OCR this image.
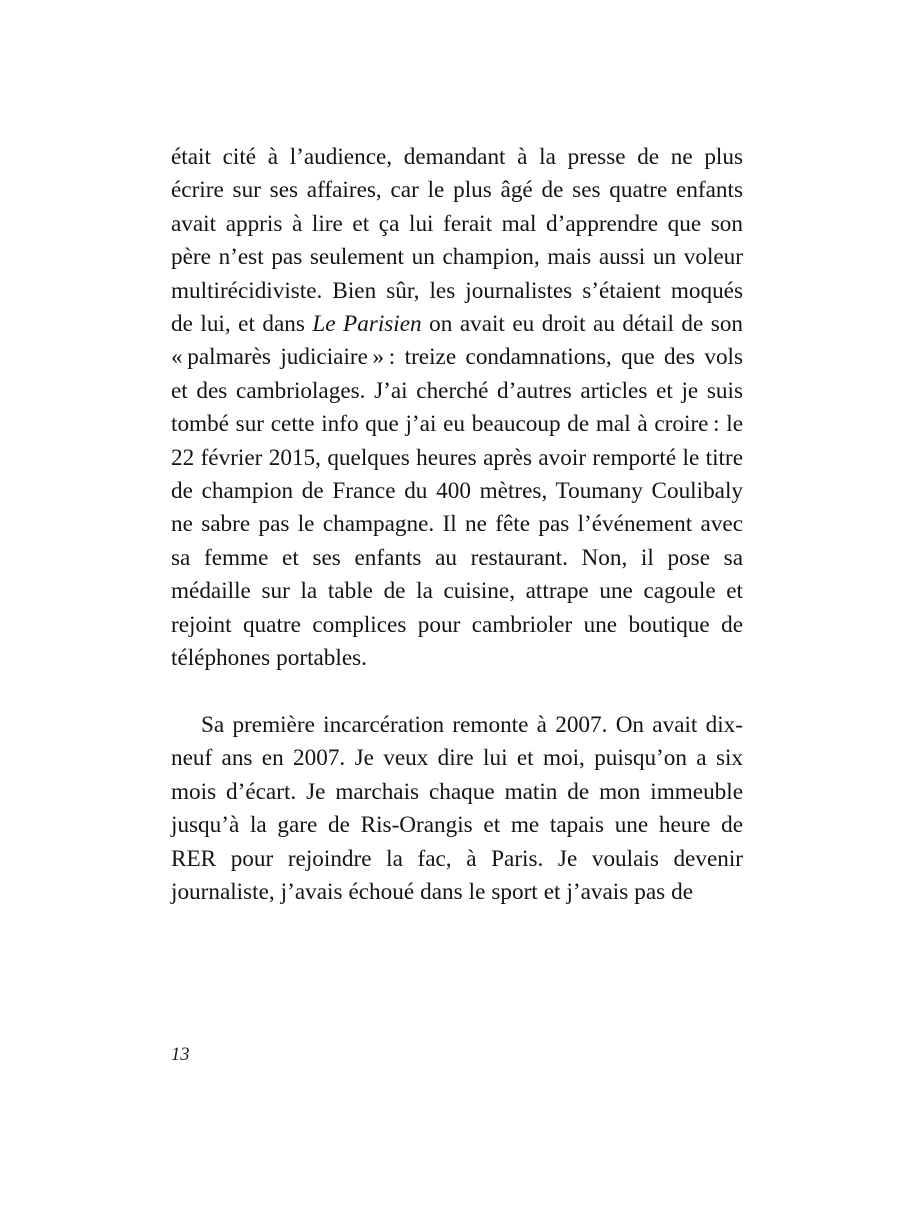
était cité à l’audience, demandant à la presse de ne plus écrire sur ses affaires, car le plus âgé de ses quatre enfants avait appris à lire et ça lui ferait mal d’apprendre que son père n’est pas seulement un champion, mais aussi un voleur multirécidiviste. Bien sûr, les journalistes s’étaient moqués de lui, et dans Le Parisien on avait eu droit au détail de son « palmarès judiciaire » : treize condamnations, que des vols et des cambriolages. J’ai cherché d’autres articles et je suis tombé sur cette info que j’ai eu beaucoup de mal à croire : le 22 février 2015, quelques heures après avoir remporté le titre de champion de France du 400 mètres, Toumany Coulibaly ne sabre pas le champagne. Il ne fête pas l’événement avec sa femme et ses enfants au restaurant. Non, il pose sa médaille sur la table de la cuisine, attrape une cagoule et rejoint quatre complices pour cambrioler une boutique de téléphones portables.

Sa première incarcération remonte à 2007. On avait dix-neuf ans en 2007. Je veux dire lui et moi, puisqu’on a six mois d’écart. Je marchais chaque matin de mon immeuble jusqu’à la gare de Ris-Orangis et me tapais une heure de RER pour rejoindre la fac, à Paris. Je voulais devenir journaliste, j’avais échoué dans le sport et j’avais pas de

13
